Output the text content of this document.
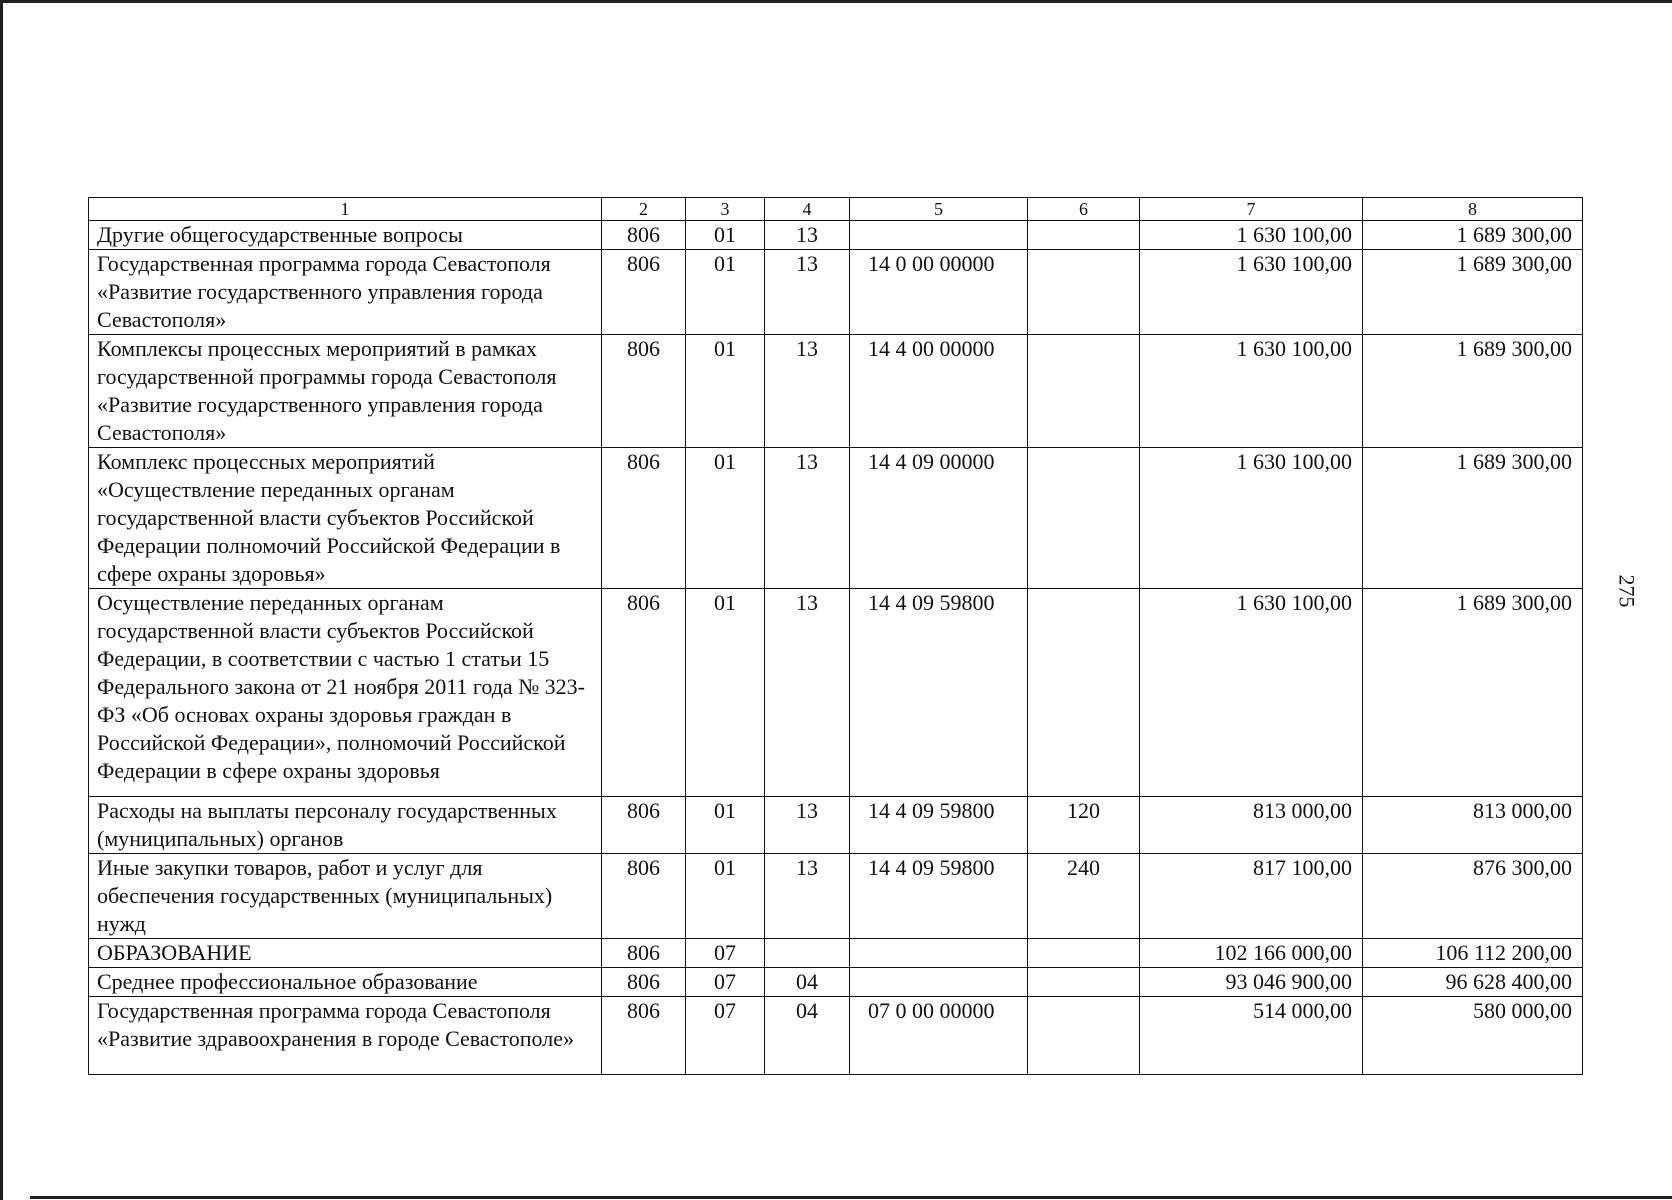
1	2	3	4	5	6	7	8
Другие общегосударственные вопросы	806	01	13			1 630 100,00	1 689 300,00
Государственная программа города Севастополя «Развитие государственного управления города Севастополя»	806	01	13	14 0 00 00000		1 630 100,00	1 689 300,00
Комплексы процессных мероприятий в рамках государственной программы города Севастополя «Развитие государственного управления города Севастополя»	806	01	13	14 4 00 00000		1 630 100,00	1 689 300,00
Комплекс процессных мероприятий «Осуществление переданных органам государственной власти субъектов Российской Федерации полномочий Российской Федерации в сфере охраны здоровья»	806	01	13	14 4 09 00000		1 630 100,00	1 689 300,00
Осуществление переданных органам государственной власти субъектов Российской Федерации, в соответствии с частью 1 статьи 15 Федерального закона от 21 ноября 2011 года № 323-ФЗ «Об основах охраны здоровья граждан в Российской Федерации», полномочий Российской Федерации в сфере охраны здоровья	806	01	13	14 4 09 59800		1 630 100,00	1 689 300,00
Расходы на выплаты персоналу государственных (муниципальных) органов	806	01	13	14 4 09 59800	120	813 000,00	813 000,00
Иные закупки товаров, работ и услуг для обеспечения государственных (муниципальных) нужд	806	01	13	14 4 09 59800	240	817 100,00	876 300,00
ОБРАЗОВАНИЕ	806	07				102 166 000,00	106 112 200,00
Среднее профессиональное образование	806	07	04			93 046 900,00	96 628 400,00
Государственная программа города Севастополя «Развитие здравоохранения в городе Севастополе»	806	07	04	07 0 00 00000		514 000,00	580 000,00
275
